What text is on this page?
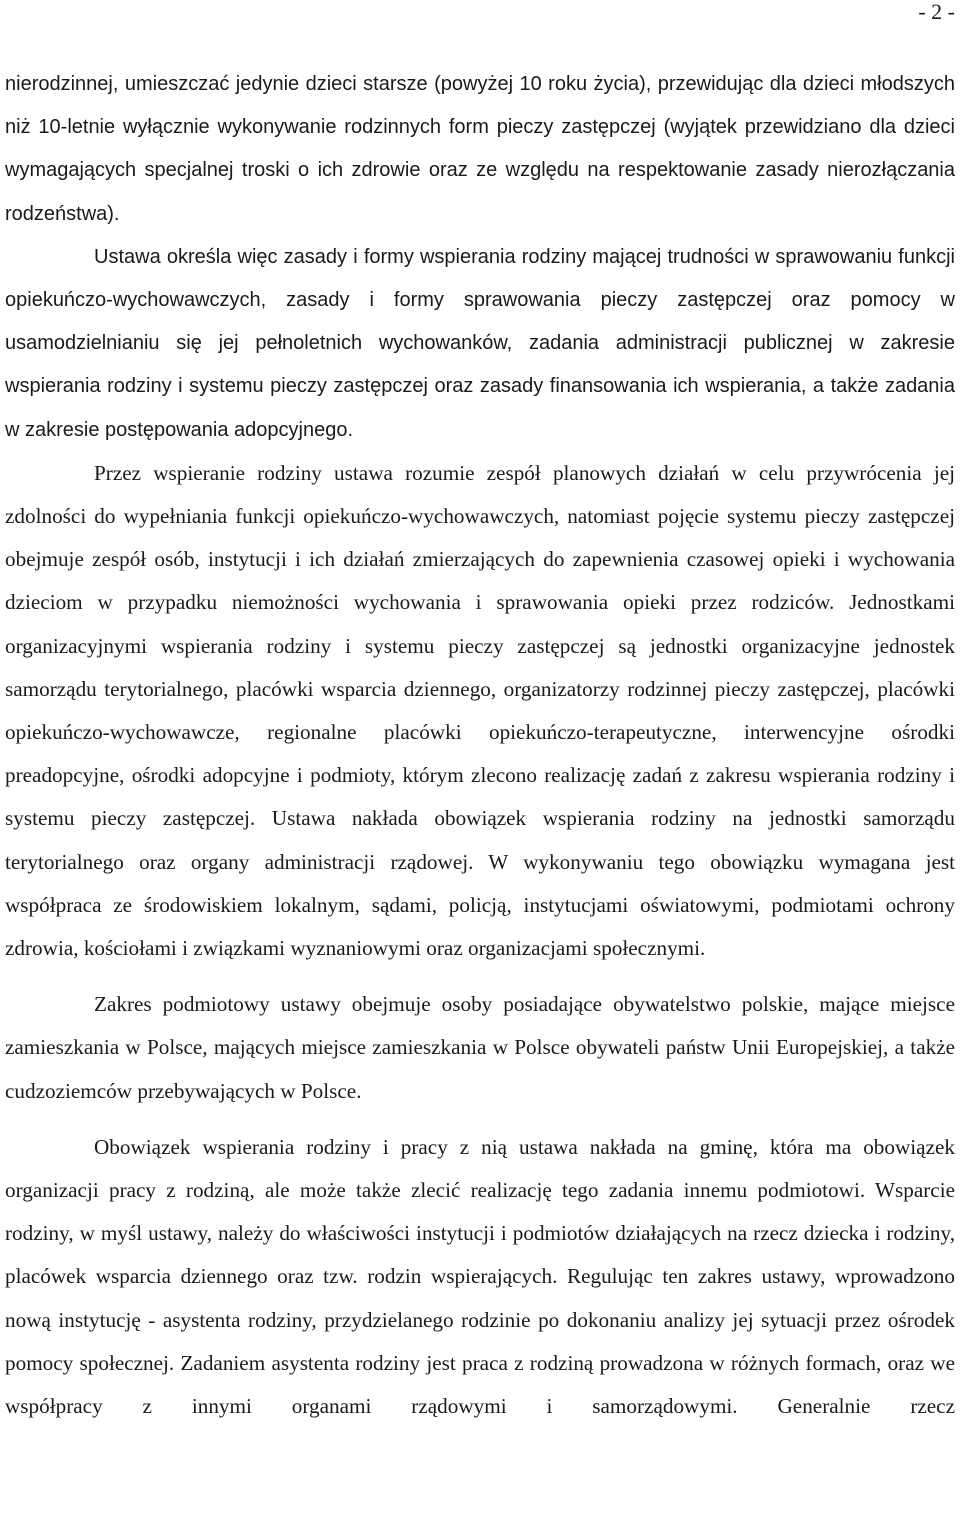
- 2 -

nierodzinnej, umieszczać jedynie dzieci starsze (powyżej 10 roku życia), przewidując dla dzieci młodszych niż 10-letnie wyłącznie wykonywanie rodzinnych form pieczy zastępczej (wyjątek przewidziano dla dzieci wymagających specjalnej troski o ich zdrowie oraz ze względu na respektowanie zasady nierozłączania rodzeństwa).

Ustawa określa więc zasady i formy wspierania rodziny mającej trudności w sprawowaniu funkcji opiekuńczo-wychowawczych, zasady i formy sprawowania pieczy zastępczej oraz pomocy w usamodzielnianiu się jej pełnoletnich wychowanków, zadania administracji publicznej w zakresie wspierania rodziny i systemu pieczy zastępczej oraz zasady finansowania ich wspierania, a także zadania w zakresie postępowania adopcyjnego.

Przez wspieranie rodziny ustawa rozumie zespół planowych działań w celu przywrócenia jej zdolności do wypełniania funkcji opiekuńczo-wychowawczych, natomiast pojęcie systemu pieczy zastępczej obejmuje zespół osób, instytucji i ich działań zmierzających do zapewnienia czasowej opieki i wychowania dzieciom w przypadku niemożności wychowania i sprawowania opieki przez rodziców. Jednostkami organizacyjnymi wspierania rodziny i systemu pieczy zastępczej są jednostki organizacyjne jednostek samorządu terytorialnego, placówki wsparcia dziennego, organizatorzy rodzinnej pieczy zastępczej, placówki opiekuńczo-wychowawcze, regionalne placówki opiekuńczo-terapeutyczne, interwencyjne ośrodki preadopcyjne, ośrodki adopcyjne i podmioty, którym zlecono realizację zadań z zakresu wspierania rodziny i systemu pieczy zastępczej. Ustawa nakłada obowiązek wspierania rodziny na jednostki samorządu terytorialnego oraz organy administracji rządowej. W wykonywaniu tego obowiązku wymagana jest współpraca ze środowiskiem lokalnym, sądami, policją, instytucjami oświatowymi, podmiotami ochrony zdrowia, kościołami i związkami wyznaniowymi oraz organizacjami społecznymi.

Zakres podmiotowy ustawy obejmuje osoby posiadające obywatelstwo polskie, mające miejsce zamieszkania w Polsce, mających miejsce zamieszkania w Polsce obywateli państw Unii Europejskiej, a także cudzoziemców przebywających w Polsce.

Obowiązek wspierania rodziny i pracy z nią ustawa nakłada na gminę, która ma obowiązek organizacji pracy z rodziną, ale może także zlecić realizację tego zadania innemu podmiotowi. Wsparcie rodziny, w myśl ustawy, należy do właściwości instytucji i podmiotów działających na rzecz dziecka i rodziny, placówek wsparcia dziennego oraz tzw. rodzin wspierających. Regulując ten zakres ustawy, wprowadzono nową instytucję - asystenta rodziny, przydzielanego rodzinie po dokonaniu analizy jej sytuacji przez ośrodek pomocy społecznej. Zadaniem asystenta rodziny jest praca z rodziną prowadzona w różnych formach, oraz we współpracy z innymi organami rządowymi i samorządowymi. Generalnie rzecz
